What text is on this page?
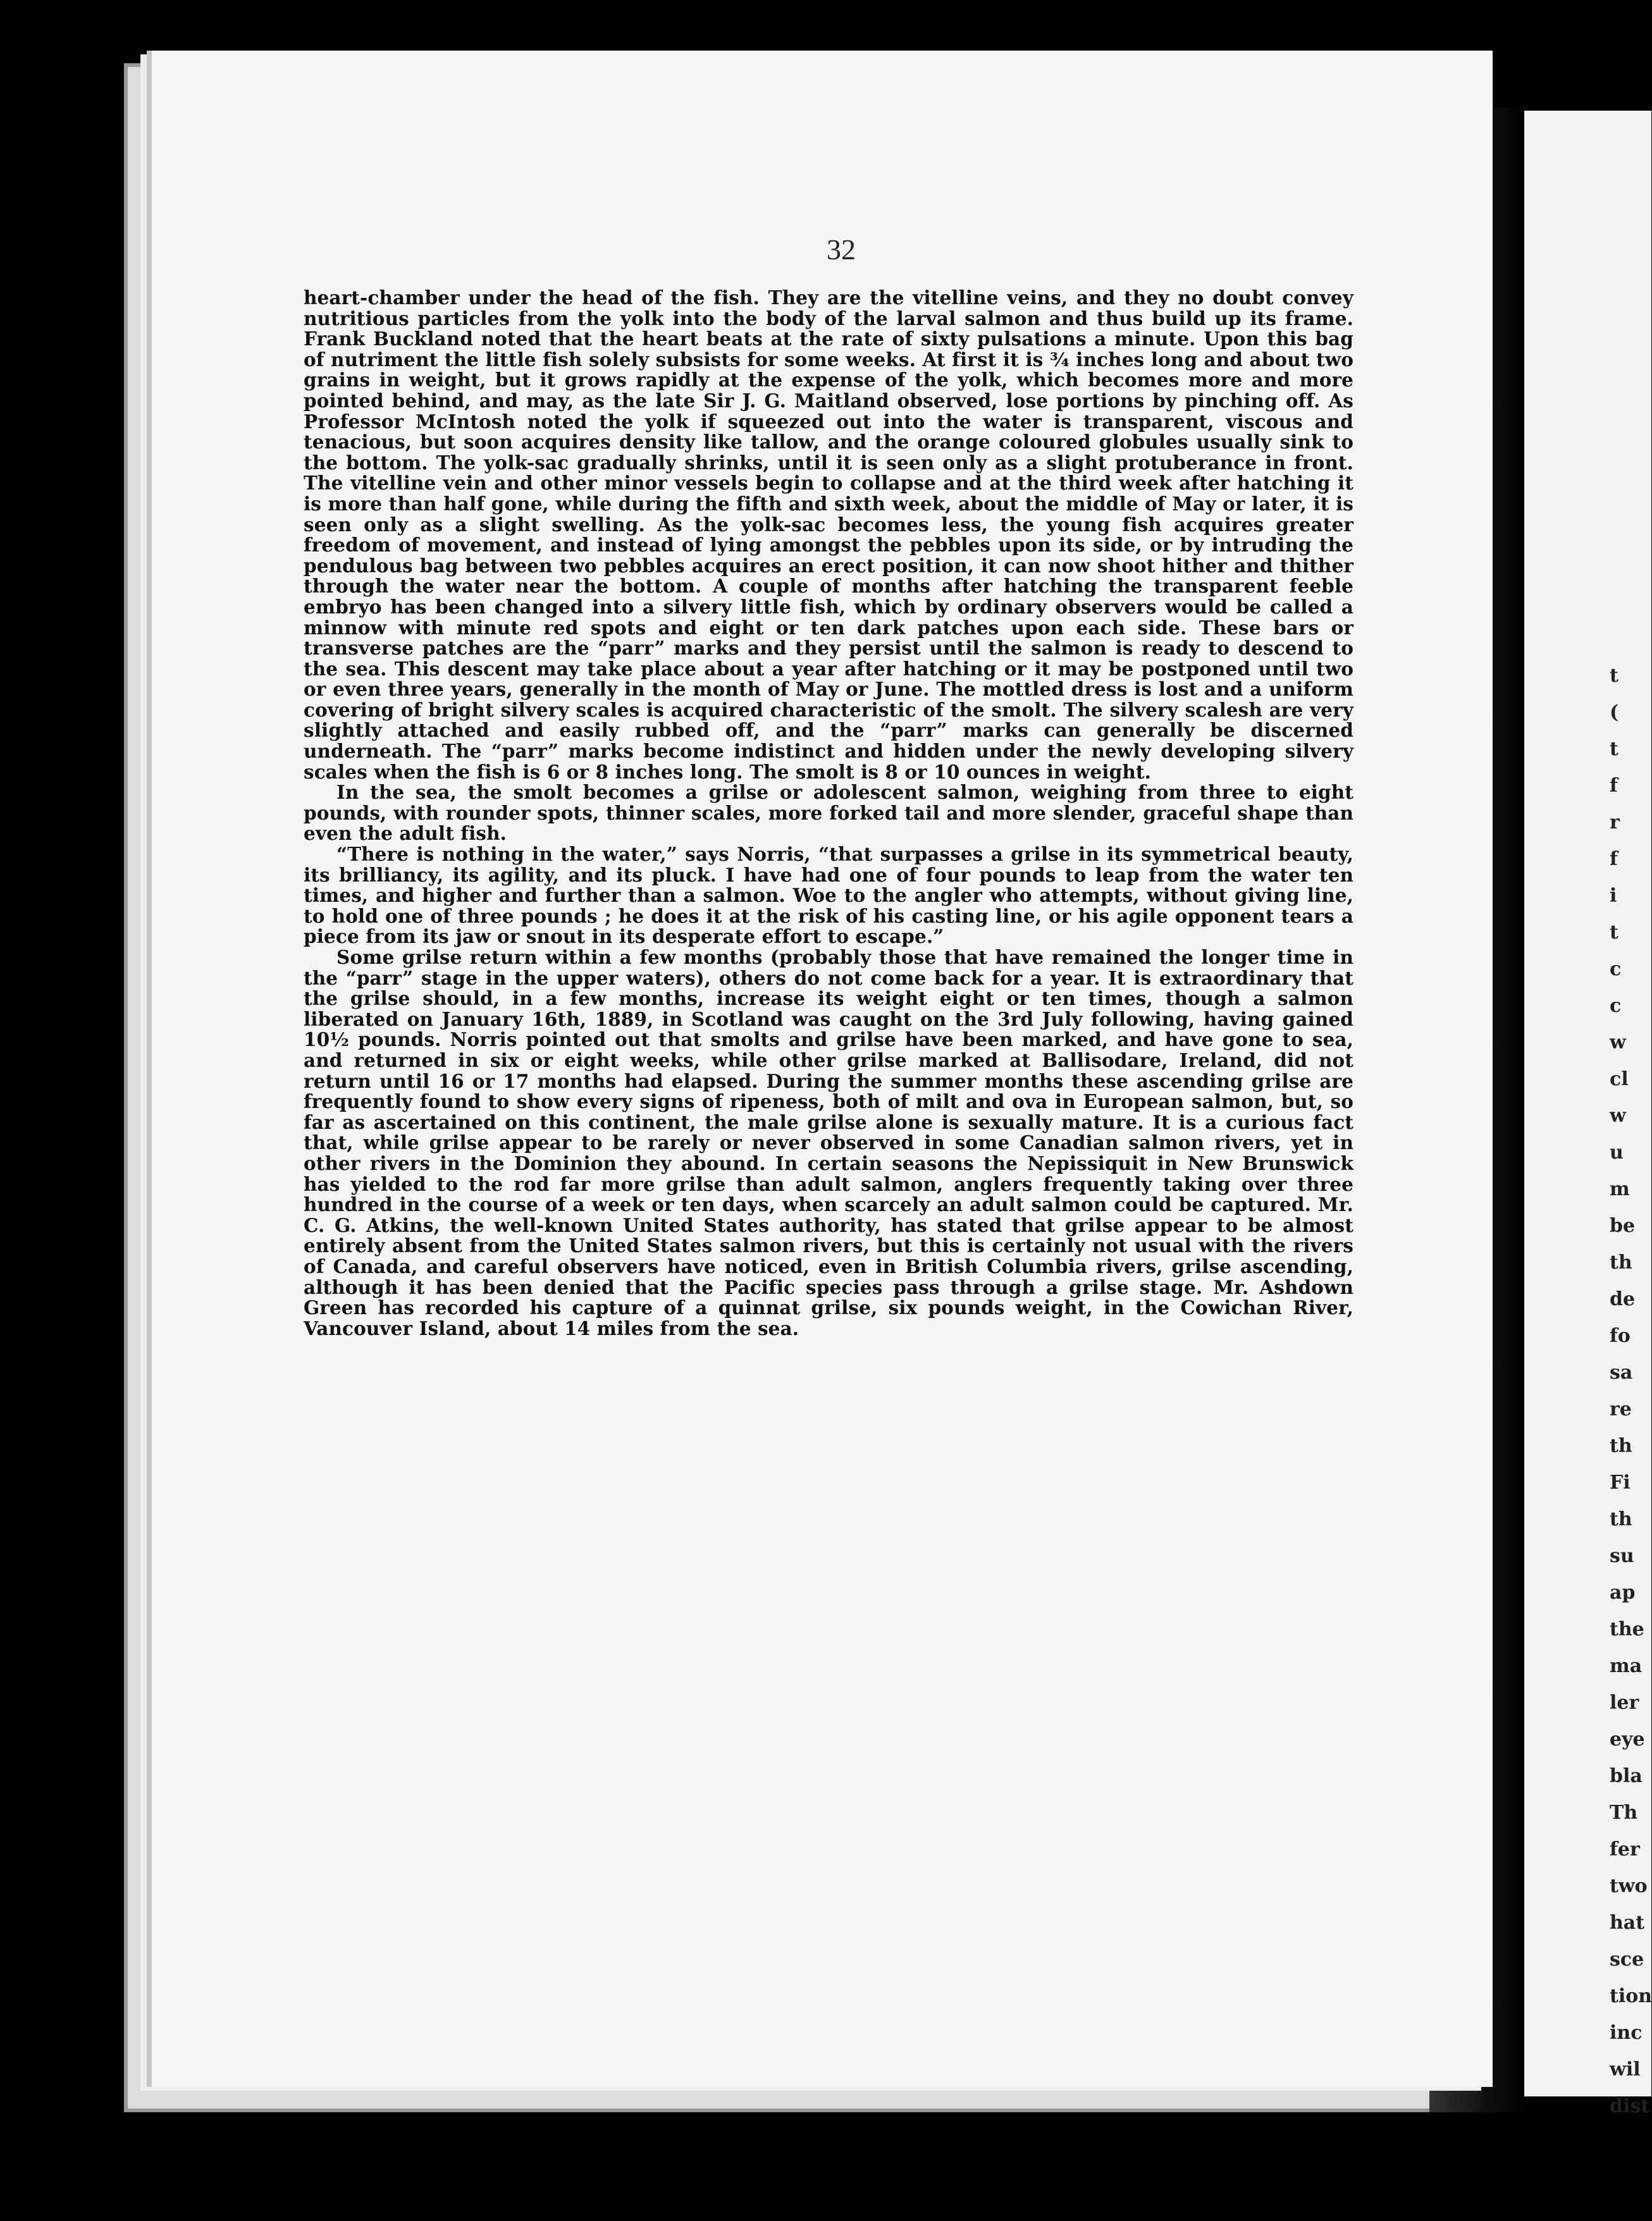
32

heart-chamber under the head of the fish. They are the vitelline veins, and they no doubt convey nutritious particles from the yolk into the body of the larval salmon and thus build up its frame. Frank Buckland noted that the heart beats at the rate of sixty pulsations a minute. Upon this bag of nutriment the little fish solely subsists for some weeks. At first it is ¾ inches long and about two grains in weight, but it grows rapidly at the expense of the yolk, which becomes more and more pointed behind, and may, as the late Sir J. G. Maitland observed, lose portions by pinching off. As Professor McIntosh noted the yolk if squeezed out into the water is transparent, viscous and tenacious, but soon acquires density like tallow, and the orange coloured globules usually sink to the bottom. The yolk-sac gradually shrinks, until it is seen only as a slight protuberance in front. The vitelline vein and other minor vessels begin to collapse and at the third week after hatching it is more than half gone, while during the fifth and sixth week, about the middle of May or later, it is seen only as a slight swelling. As the yolk-sac becomes less, the young fish acquires greater freedom of movement, and instead of lying amongst the pebbles upon its side, or by intruding the pendulous bag between two pebbles acquires an erect position, it can now shoot hither and thither through the water near the bottom. A couple of months after hatching the transparent feeble embryo has been changed into a silvery little fish, which by ordinary observers would be called a minnow with minute red spots and eight or ten dark patches upon each side. These bars or transverse patches are the “parr” marks and they persist until the salmon is ready to descend to the sea. This descent may take place about a year after hatching or it may be postponed until two or even three years, generally in the month of May or June. The mottled dress is lost and a uniform covering of bright silvery scales is acquired characteristic of the smolt. The silvery scalesh are very slightly attached and easily rubbed off, and the “parr” marks can generally be discerned underneath. The “parr” marks become indistinct and hidden under the newly developing silvery scales when the fish is 6 or 8 inches long. The smolt is 8 or 10 ounces in weight.

In the sea, the smolt becomes a grilse or adolescent salmon, weighing from three to eight pounds, with rounder spots, thinner scales, more forked tail and more slender, graceful shape than even the adult fish.

“There is nothing in the water,” says Norris, “that surpasses a grilse in its symmetrical beauty, its brilliancy, its agility, and its pluck. I have had one of four pounds to leap from the water ten times, and higher and further than a salmon. Woe to the angler who attempts, without giving line, to hold one of three pounds ; he does it at the risk of his casting line, or his agile opponent tears a piece from its jaw or snout in its desperate effort to escape.”

Some grilse return within a few months (probably those that have remained the longer time in the “parr” stage in the upper waters), others do not come back for a year. It is extraordinary that the grilse should, in a few months, increase its weight eight or ten times, though a salmon liberated on January 16th, 1889, in Scotland was caught on the 3rd July following, having gained 10½ pounds. Norris pointed out that smolts and grilse have been marked, and have gone to sea, and returned in six or eight weeks, while other grilse marked at Ballisodare, Ireland, did not return until 16 or 17 months had elapsed. During the summer months these ascending grilse are frequently found to show every signs of ripeness, both of milt and ova in European salmon, but, so far as ascertained on this continent, the male grilse alone is sexually mature. It is a curious fact that, while grilse appear to be rarely or never observed in some Canadian salmon rivers, yet in other rivers in the Dominion they abound. In certain seasons the Nepissiquit in New Brunswick has yielded to the rod far more grilse than adult salmon, anglers frequently taking over three hundred in the course of a week or ten days, when scarcely an adult salmon could be captured. Mr. C. G. Atkins, the well-known United States authority, has stated that grilse appear to be almost entirely absent from the United States salmon rivers, but this is certainly not usual with the rivers of Canada, and careful observers have noticed, even in British Columbia rivers, grilse ascending, although it has been denied that the Pacific species pass through a grilse stage. Mr. Ashdown Green has recorded his capture of a quinnat grilse, six pounds weight, in the Cowichan River, Vancouver Island, about 14 miles from the sea.

t
(
t
f
r
f
i
t
c
c
w
cl
w
u
m
be
th
de
fo
sa
re
th
Fi
th
su
ap
the
ma
ler
eye
bla
Th
fer
two
hat
sce
tion
inc
wil
dist
